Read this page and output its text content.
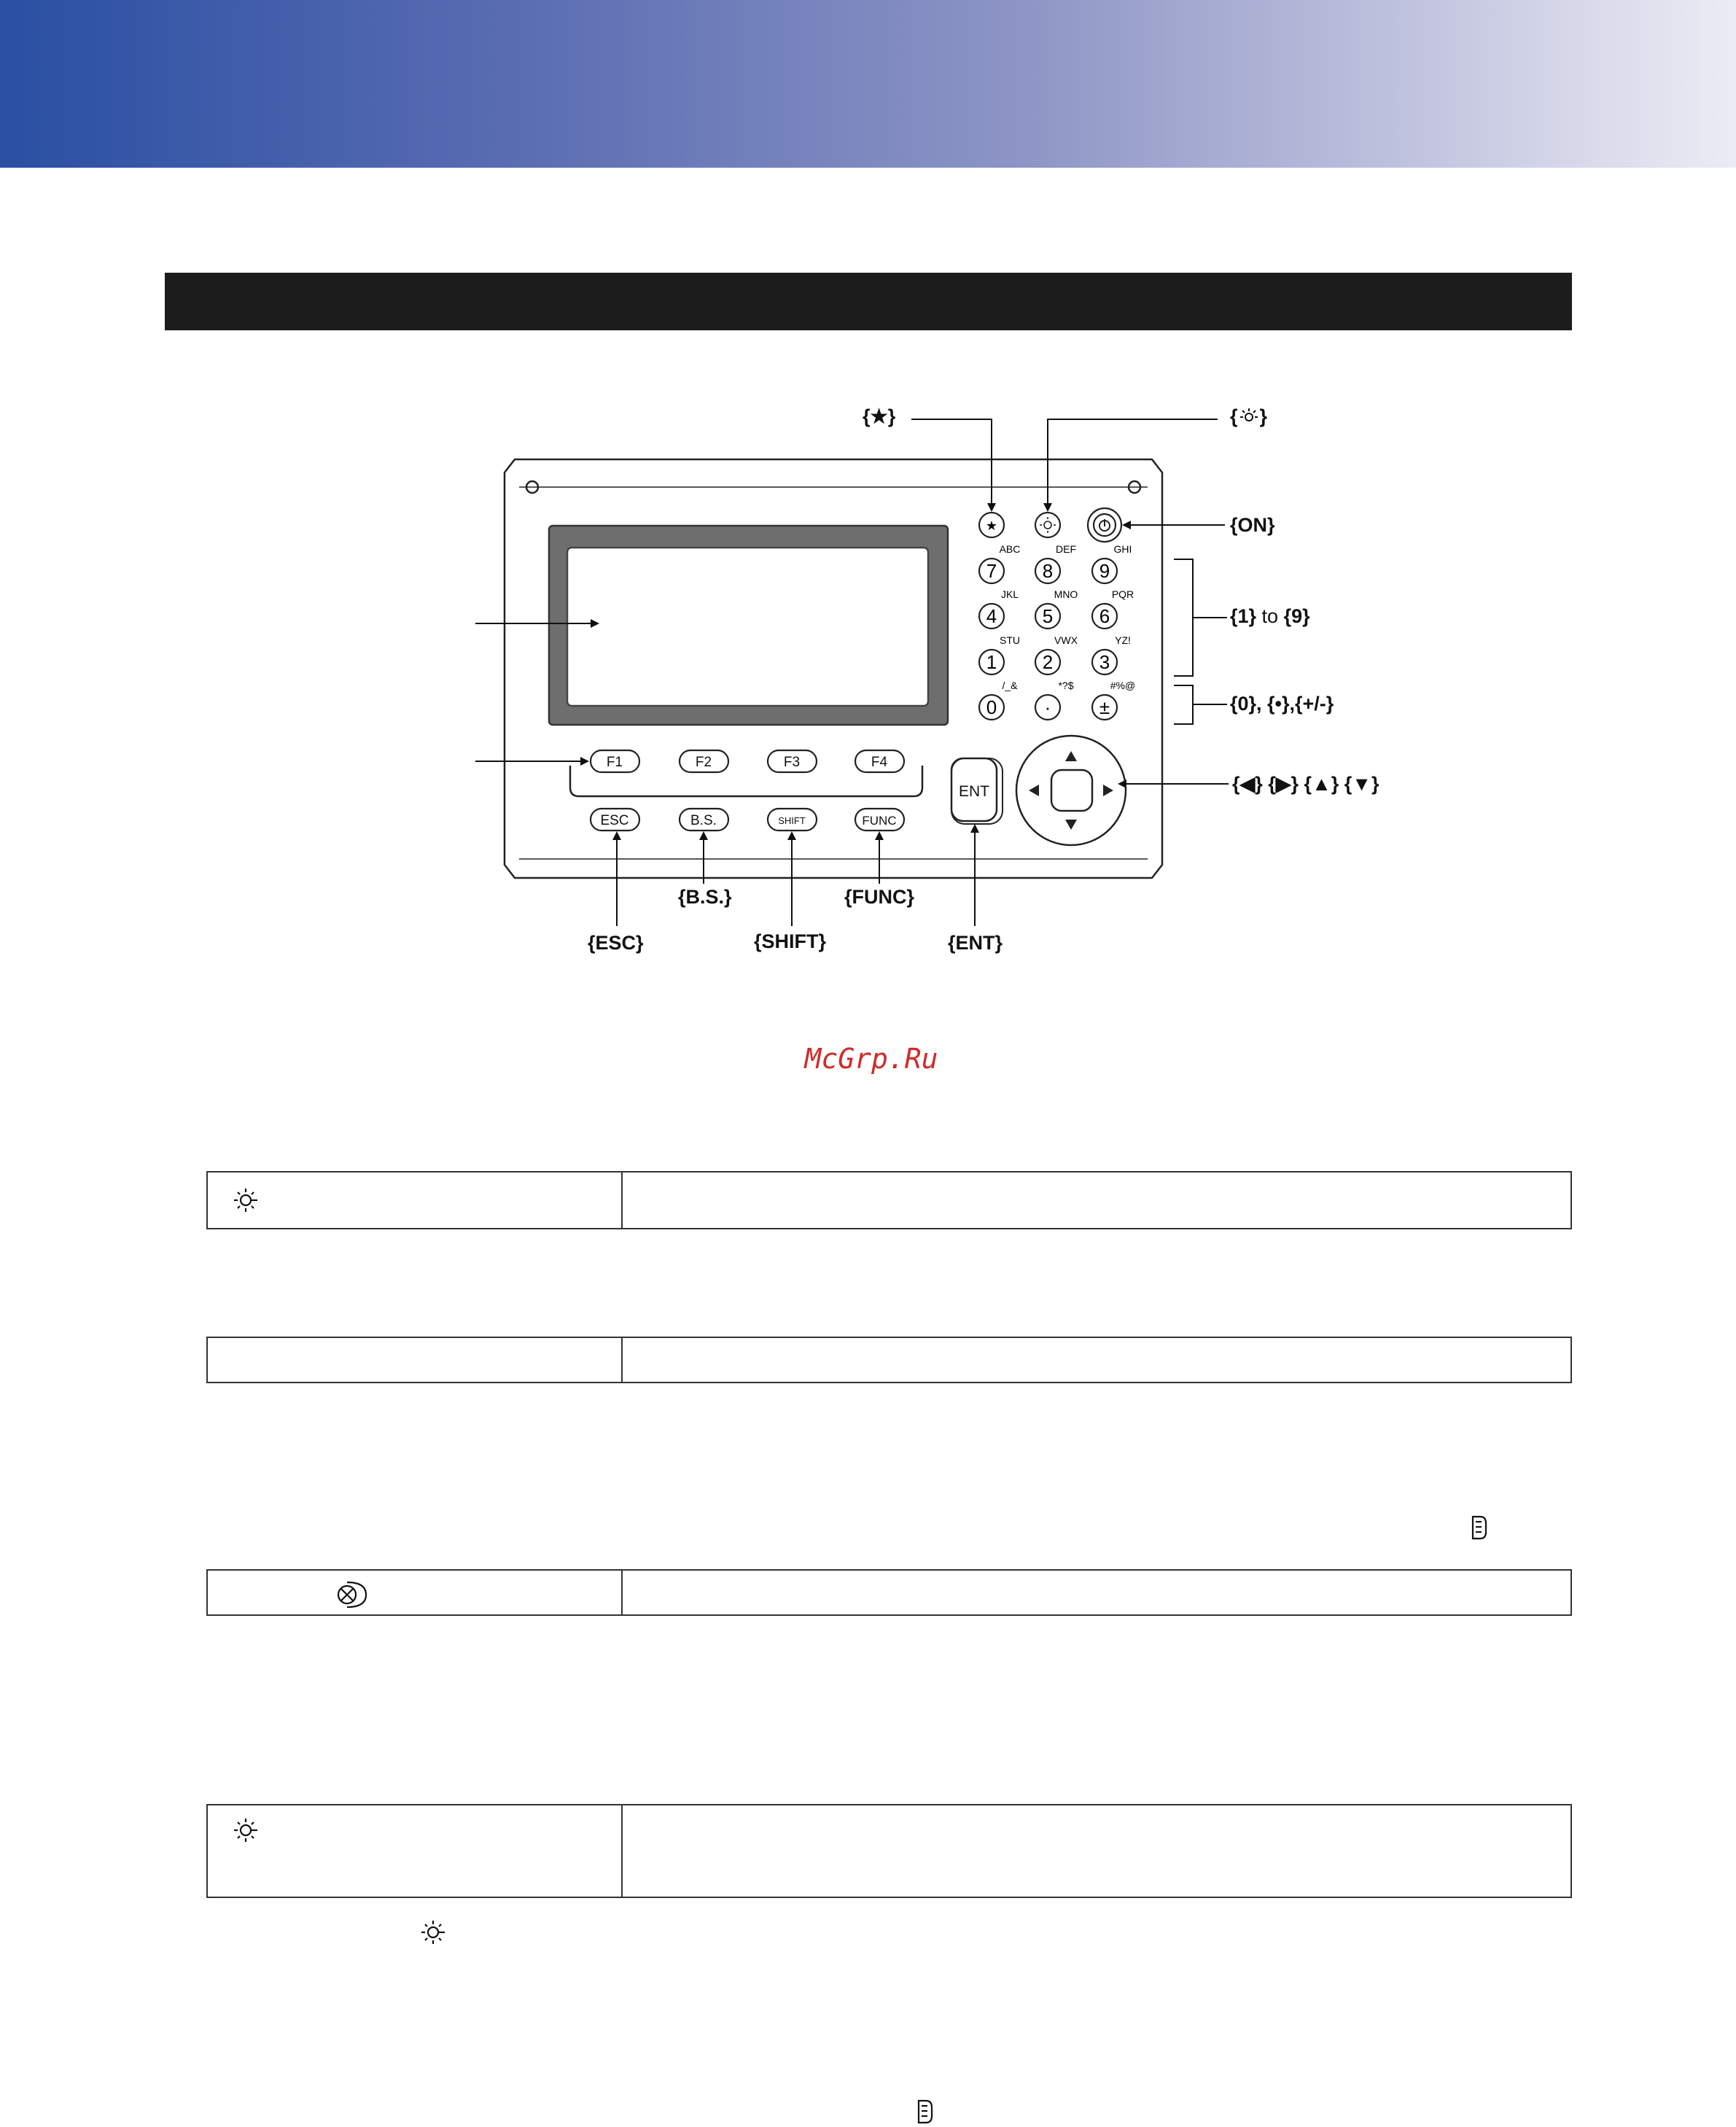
F1	F2	F3	F4
ESC	B.S.	SHIFT	FUNC
ENT
★
7
ABC
8
DEF
9
GHI
4
JKL
5
MNO
6
PQR
1
STU
2
VWX
3
YZ!
0
/_&
·
*?$
±
#%@
{★}	{ }
{ON}
{1} to {9}
{0}, {•},{+/-}
{◀} {▶} {▲} {▼}
{B.S.}	{FUNC}
{ESC}	{SHIFT}	{ENT}
McGrp.Ru
